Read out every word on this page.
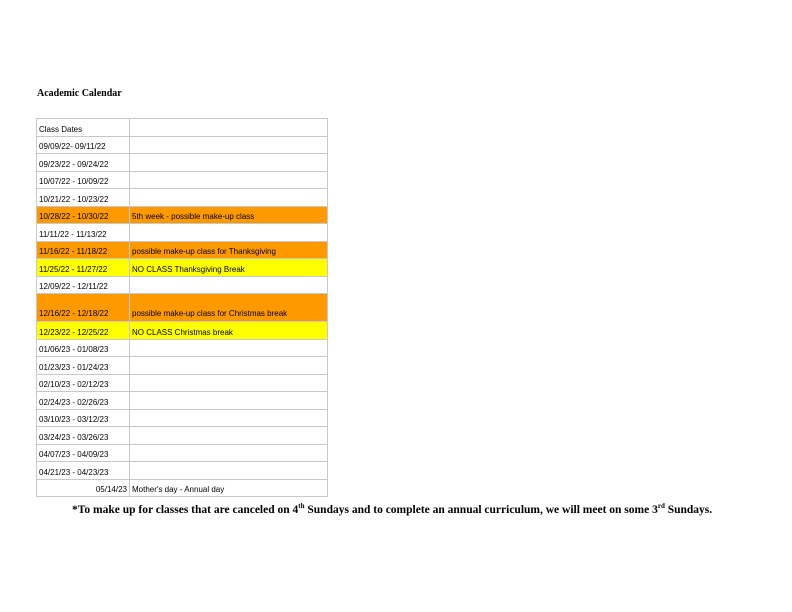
Academic Calendar
Class Dates	
09/09/22- 09/11/22	
09/23/22 - 09/24/22	
10/07/22 - 10/09/22	
10/21/22 - 10/23/22	
10/28/22 - 10/30/22	5th week - possible make-up class
11/11/22 - 11/13/22	
11/16/22 - 11/18/22	possible make-up class for Thanksgiving
11/25/22 - 11/27/22	NO CLASS Thanksgiving Break
12/09/22 - 12/11/22	
12/16/22 - 12/18/22	possible make-up class for Christmas break
12/23/22 - 12/25/22	NO CLASS Christmas break
01/06/23 - 01/08/23	
01/23/23 - 01/24/23	
02/10/23 - 02/12/23	
02/24/23 - 02/26/23	
03/10/23 - 03/12/23	
03/24/23 - 03/26/23	
04/07/23 - 04/09/23	
04/21/23 - 04/23/23	
05/14/23	Mother's day - Annual day
*To make up for classes that are canceled on 4th Sundays and to complete an annual curriculum, we will meet on some 3rd Sundays.
